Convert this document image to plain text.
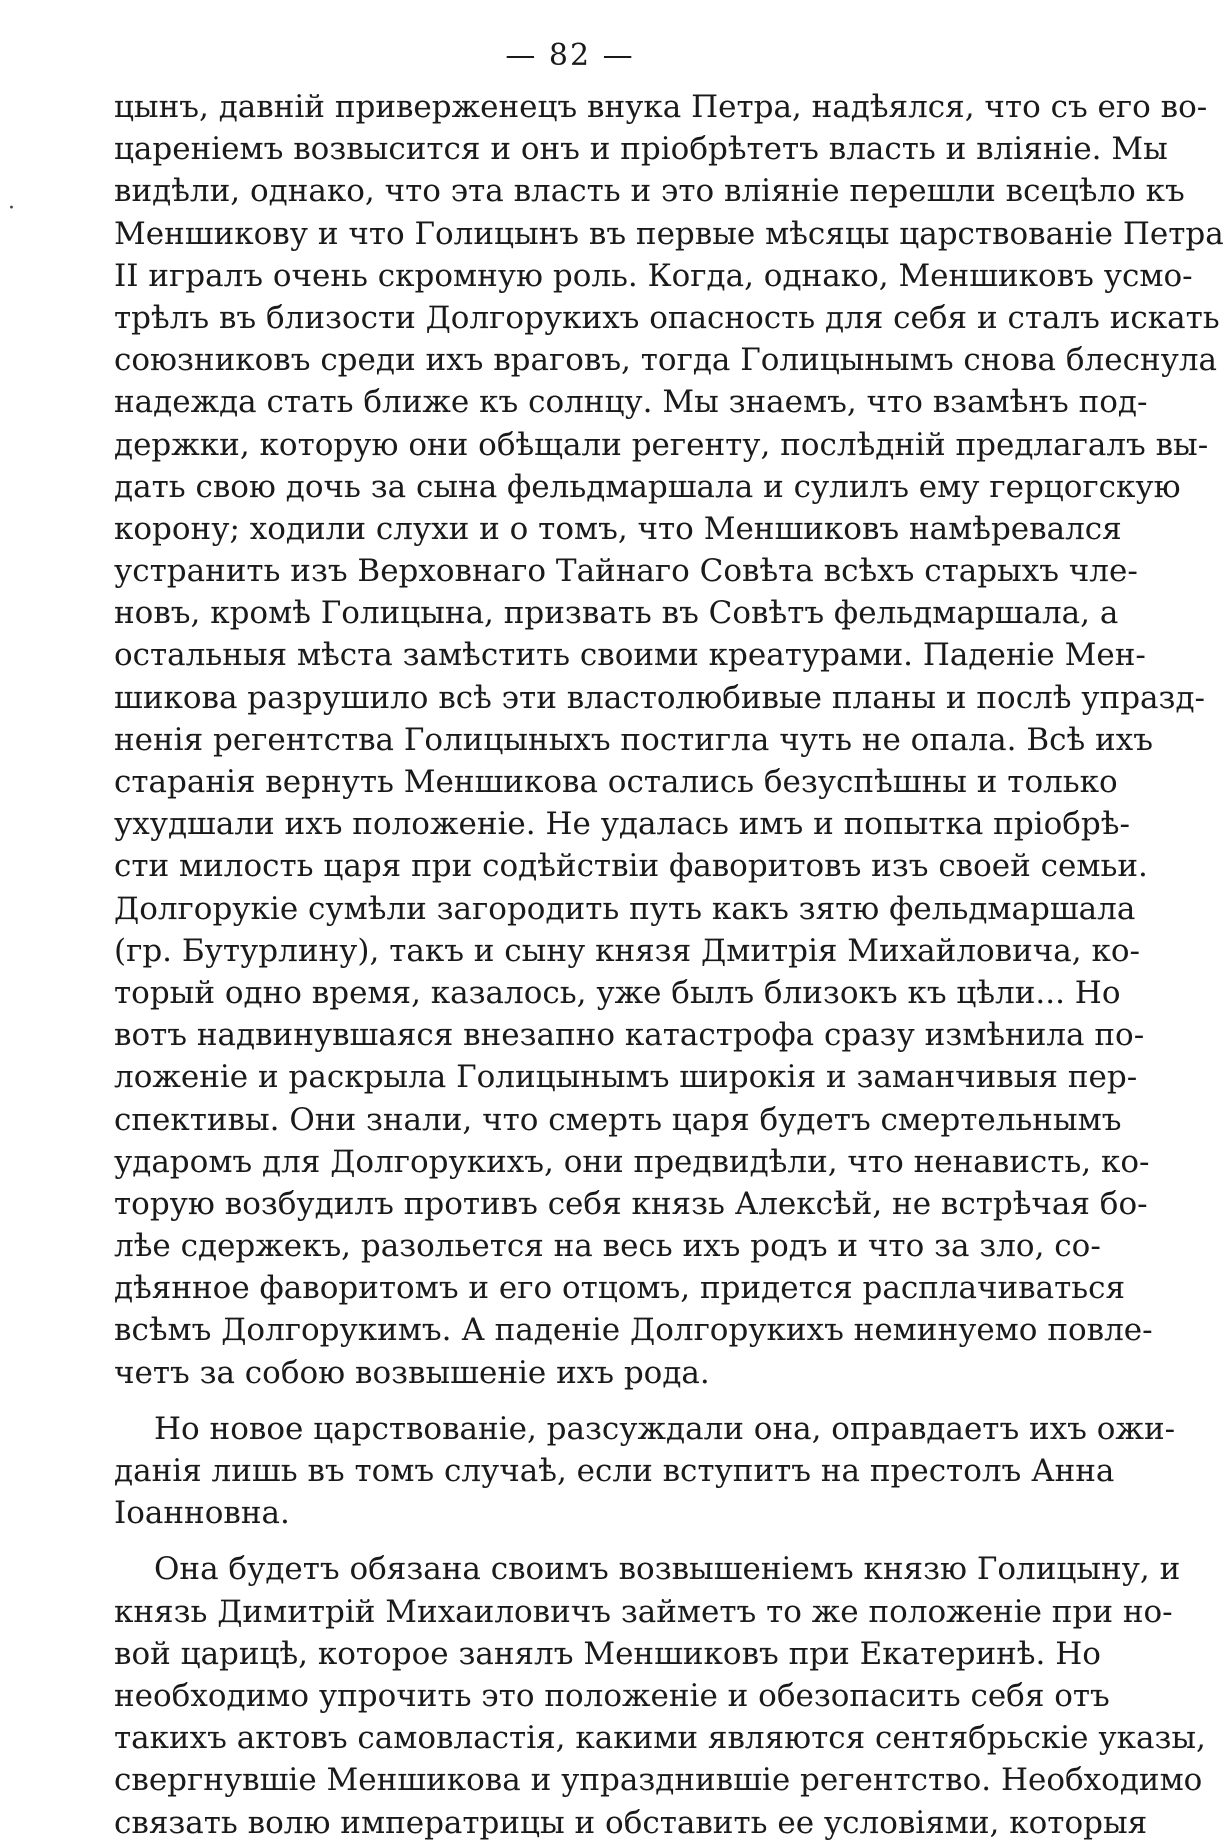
— 82 —
·
цынъ, давній приверженецъ внука Петра, надѣялся, что съ его во-
цареніемъ возвысится и онъ и пріобрѣтетъ власть и вліяніе. Мы
видѣли, однако, что эта власть и это вліяніе перешли всецѣло къ
Меншикову и что Голицынъ въ первые мѣсяцы царствованіе Петра
II игралъ очень скромную роль. Когда, однако, Меншиковъ усмо-
трѣлъ въ близости Долгорукихъ опасность для себя и сталъ искать
союзниковъ среди ихъ враговъ, тогда Голицынымъ снова блеснула
надежда стать ближе къ солнцу. Мы знаемъ, что взамѣнъ под-
держки, которую они обѣщали регенту, послѣдній предлагалъ вы-
дать свою дочь за сына фельдмаршала и сулилъ ему герцогскую
корону; ходили слухи и о томъ, что Меншиковъ намѣревался
устранить изъ Верховнаго Тайнаго Совѣта всѣхъ старыхъ чле-
новъ, кромѣ Голицына, призвать въ Совѣтъ фельдмаршала, а
остальныя мѣста замѣстить своими креатурами. Паденіе Мен-
шикова разрушило всѣ эти властолюбивые планы и послѣ упразд-
ненія регентства Голицыныхъ постигла чуть не опала. Всѣ ихъ
старанія вернуть Меншикова остались безуспѣшны и только
ухудшали ихъ положеніе. Не удалась имъ и попытка пріобрѣ-
сти милость царя при содѣйствіи фаворитовъ изъ своей семьи.
Долгорукіе сумѣли загородить путь какъ зятю фельдмаршала
(гр. Бутурлину), такъ и сыну князя Дмитрія Михайловича, ко-
торый одно время, казалось, уже былъ близокъ къ цѣли... Но
вотъ надвинувшаяся внезапно катастрофа сразу измѣнила по-
ложеніе и раскрыла Голицынымъ широкія и заманчивыя пер-
спективы. Они знали, что смерть царя будетъ смертельнымъ
ударомъ для Долгорукихъ, они предвидѣли, что ненависть, ко-
торую возбудилъ противъ себя князь Алексѣй, не встрѣчая бо-
лѣе сдержекъ, разольется на весь ихъ родъ и что за зло, со-
дѣянное фаворитомъ и его отцомъ, придется расплачиваться
всѣмъ Долгорукимъ. А паденіе Долгорукихъ неминуемо повле-
четъ за собою возвышеніе ихъ рода.
Но новое царствованіе, разсуждали она, оправдаетъ ихъ ожи-
данія лишь въ томъ случаѣ, если вступитъ на престолъ Анна
Іоанновна.
Она будетъ обязана своимъ возвышеніемъ князю Голицыну, и
князь Димитрій Михаиловичъ займетъ то же положеніе при но-
вой царицѣ, которое занялъ Меншиковъ при Екатеринѣ. Но
необходимо упрочить это положеніе и обезопасить себя отъ
такихъ актовъ самовластія, какими являются сентябрьскіе указы,
свергнувшіе Меншикова и упразднившіе регентство. Необходимо
связать волю императрицы и обставить ее условіями, которыя
